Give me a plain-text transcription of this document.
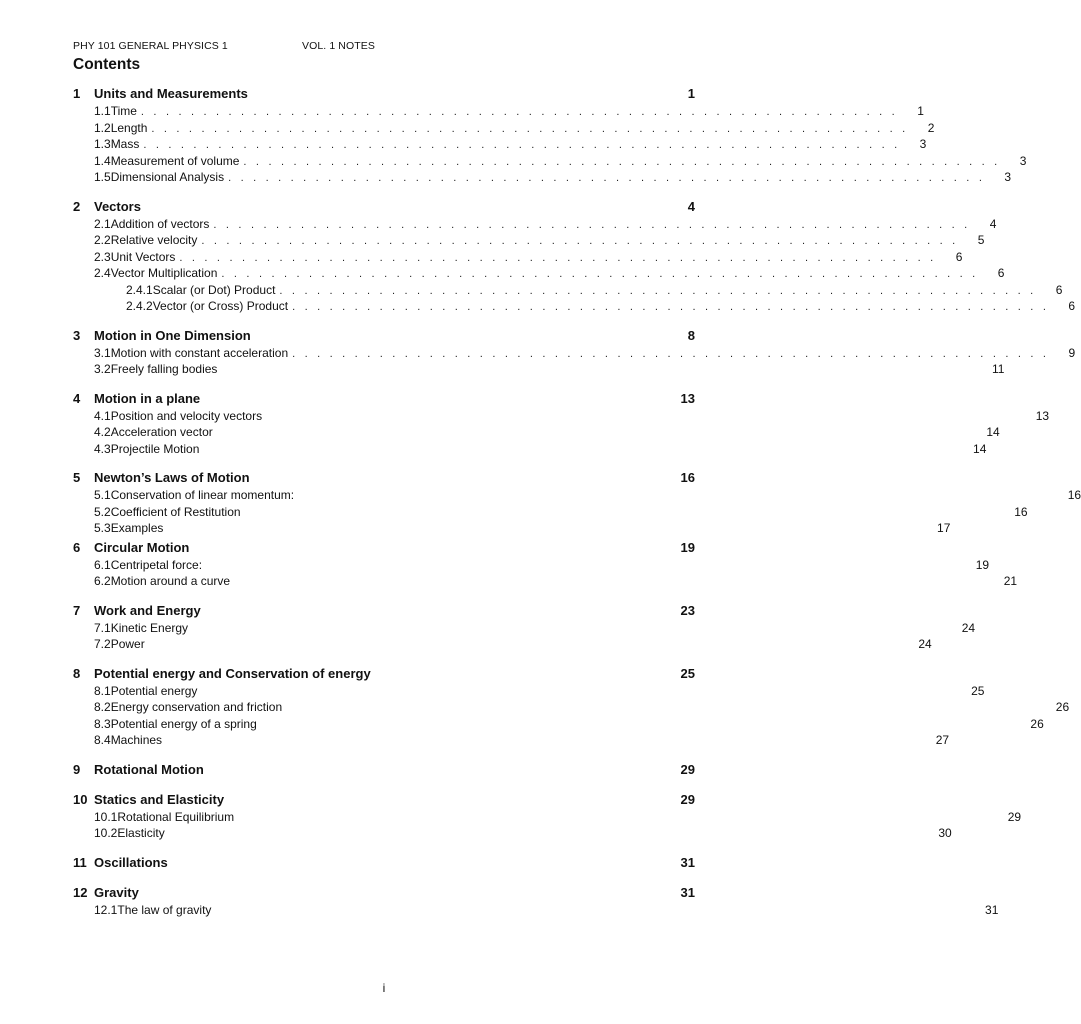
PHY 101 GENERAL PHYSICS 1	VOL. 1 NOTES
Contents
1	Units and Measurements	1
1.1 Time . . . . . . . . . . . . . . . . . . . . . . . . . . . . . . . . . . . . . . . . . . . . . . . . . . . . . . . . . . . . .	1
1.2 Length . . . . . . . . . . . . . . . . . . . . . . . . . . . . . . . . . . . . . . . . . . . . . . . . . . . . . . . . . . . . .	2
1.3 Mass . . . . . . . . . . . . . . . . . . . . . . . . . . . . . . . . . . . . . . . . . . . . . . . . . . . . . . . . . . . . .	3
1.4 Measurement of volume . . . . . . . . . . . . . . . . . . . . . . . . . . . . . . . . . . . . . . . . . . . . . . . . . . . . . . . . . . . . .	3
1.5 Dimensional Analysis . . . . . . . . . . . . . . . . . . . . . . . . . . . . . . . . . . . . . . . . . . . . . . . . . . . . . . . . . . . . .	3
2	Vectors	4
2.1 Addition of vectors . . . . . . . . . . . . . . . . . . . . . . . . . . . . . . . . . . . . . . . . . . . . . . . . . . . . . . . . . . . . .	4
2.2 Relative velocity . . . . . . . . . . . . . . . . . . . . . . . . . . . . . . . . . . . . . . . . . . . . . . . . . . . . . . . . . . . . .	5
2.3 Unit Vectors . . . . . . . . . . . . . . . . . . . . . . . . . . . . . . . . . . . . . . . . . . . . . . . . . . . . . . . . . . . . .	6
2.4 Vector Multiplication . . . . . . . . . . . . . . . . . . . . . . . . . . . . . . . . . . . . . . . . . . . . . . . . . . . . . . . . . . . . .	6
2.4.1 Scalar (or Dot) Product . . . . . . . . . . . . . . . . . . . . . . . . . . . . . . . . . . . . . . . . . . . . . . . . . . . . . . . . . . . . .	6
2.4.2 Vector (or Cross) Product . . . . . . . . . . . . . . . . . . . . . . . . . . . . . . . . . . . . . . . . . . . . . . . . . . . . . . . . . . . . .	6
3	Motion in One Dimension	8
3.1 Motion with constant acceleration . . . . . . . . . . . . . . . . . . . . . . . . . . . . . . . . . . . . . . . . . . . . . . . . . . . . . . . . . . . . .	9
3.2 Freely falling bodies	11
4	Motion in a plane	13
4.1 Position and velocity vectors	13
4.2 Acceleration vector	14
4.3 Projectile Motion	14
5	Newton’s Laws of Motion	16
5.1 Conservation of linear momentum:	16
5.2 Coefficient of Restitution	16
5.3 Examples	17
6	Circular Motion	19
6.1 Centripetal force:	19
6.2 Motion around a curve	21
7	Work and Energy	23
7.1 Kinetic Energy	24
7.2 Power	24
8	Potential energy and Conservation of energy	25
8.1 Potential energy	25
8.2 Energy conservation and friction	26
8.3 Potential energy of a spring	26
8.4 Machines	27
9	Rotational Motion	29
10 Statics and Elasticity	29
10.1 Rotational Equilibrium	29
10.2 Elasticity	30
11 Oscillations	31
12 Gravity	31
12.1 The law of gravity	31
i
